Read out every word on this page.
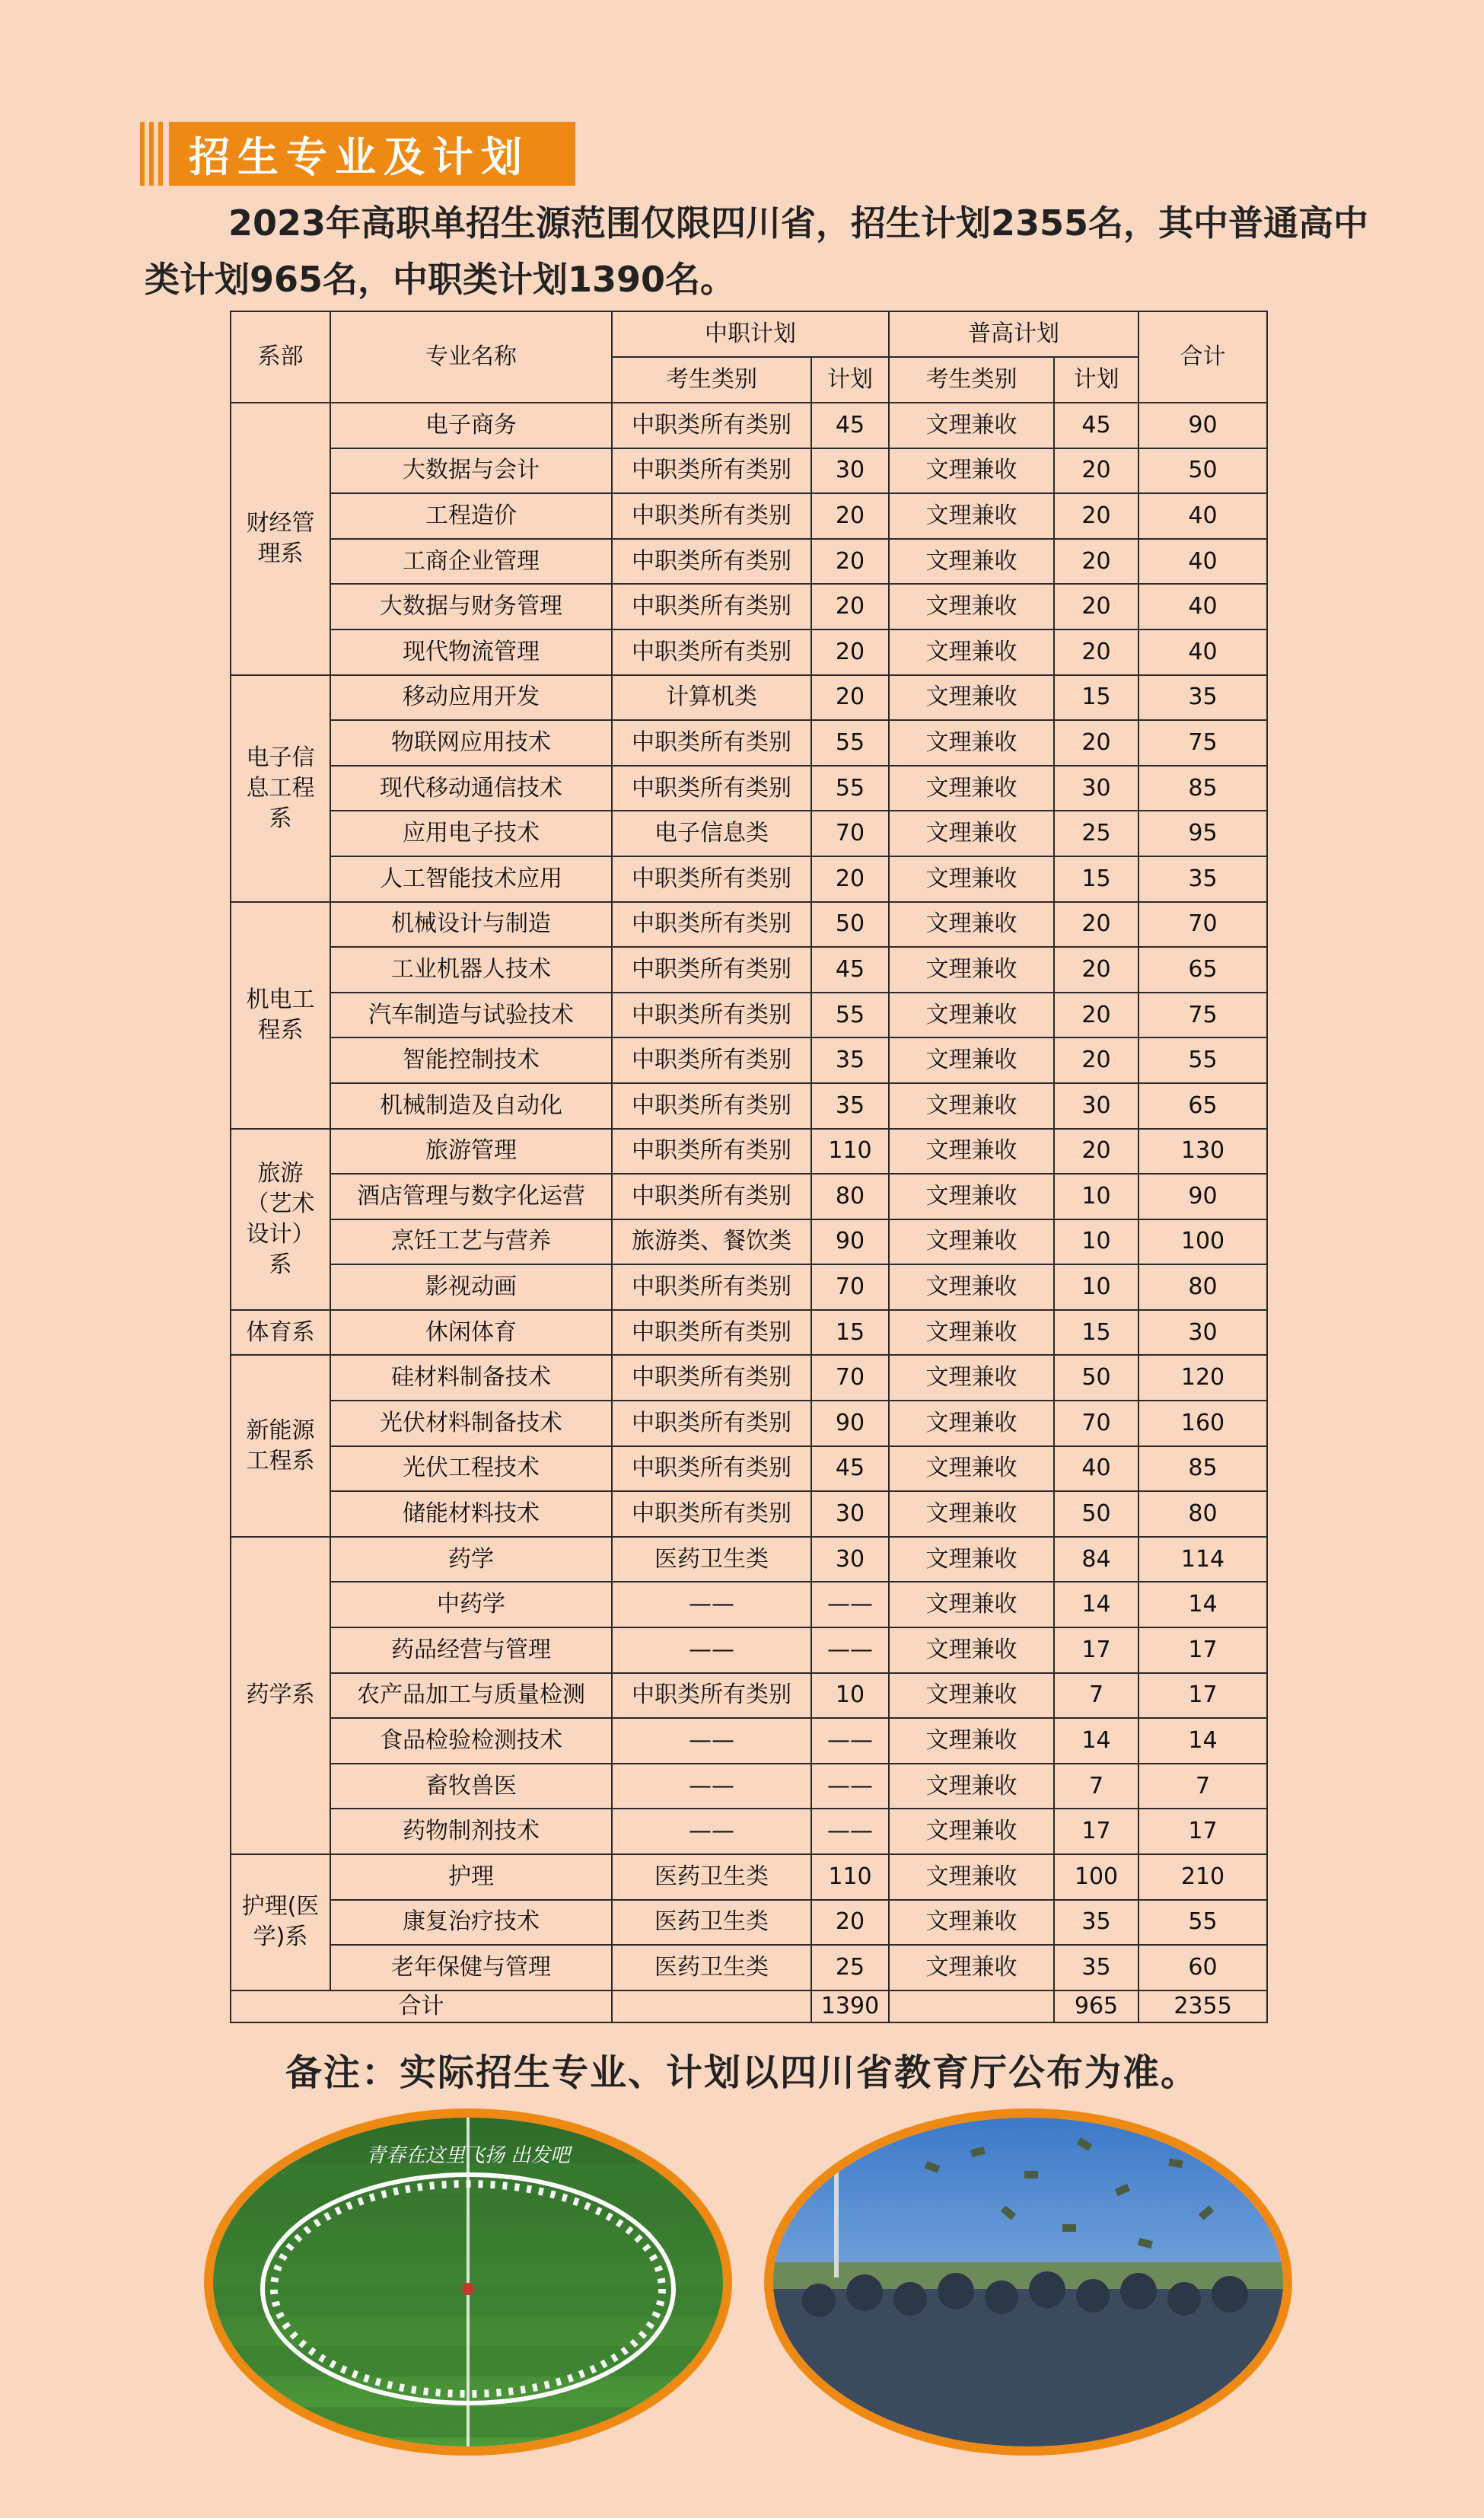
招生专业及计划

2023年高职单招生源范围仅限四川省，招生计划2355名，其中普通高中类计划965名，中职类计划1390名。

系部	专业名称	中职计划		普高计划		合计
		考生类别	计划	考生类别	计划	
财经管理系	电子商务	中职类所有类别	45	文理兼收	45	90
	大数据与会计	中职类所有类别	30	文理兼收	20	50
	工程造价	中职类所有类别	20	文理兼收	20	40
	工商企业管理	中职类所有类别	20	文理兼收	20	40
	大数据与财务管理	中职类所有类别	20	文理兼收	20	40
	现代物流管理	中职类所有类别	20	文理兼收	20	40
电子信息工程系	移动应用开发	计算机类	20	文理兼收	15	35
	物联网应用技术	中职类所有类别	55	文理兼收	20	75
	现代移动通信技术	中职类所有类别	55	文理兼收	30	85
	应用电子技术	电子信息类	70	文理兼收	25	95
	人工智能技术应用	中职类所有类别	20	文理兼收	15	35
机电工程系	机械设计与制造	中职类所有类别	50	文理兼收	20	70
	工业机器人技术	中职类所有类别	45	文理兼收	20	65
	汽车制造与试验技术	中职类所有类别	55	文理兼收	20	75
	智能控制技术	中职类所有类别	35	文理兼收	20	55
	机械制造及自动化	中职类所有类别	35	文理兼收	30	65
旅游（艺术设计）系	旅游管理	中职类所有类别	110	文理兼收	20	130
	酒店管理与数字化运营	中职类所有类别	80	文理兼收	10	90
	烹饪工艺与营养	旅游类、餐饮类	90	文理兼收	10	100
	影视动画	中职类所有类别	70	文理兼收	10	80
体育系	休闲体育	中职类所有类别	15	文理兼收	15	30
新能源工程系	硅材料制备技术	中职类所有类别	70	文理兼收	50	120
	光伏材料制备技术	中职类所有类别	90	文理兼收	70	160
	光伏工程技术	中职类所有类别	45	文理兼收	40	85
	储能材料技术	中职类所有类别	30	文理兼收	50	80
药学系	药学	医药卫生类	30	文理兼收	84	114
	中药学	——	——	文理兼收	14	14
	药品经营与管理	——	——	文理兼收	17	17
	农产品加工与质量检测	中职类所有类别	10	文理兼收	7	17
	食品检验检测技术	——	——	文理兼收	14	14
	畜牧兽医	——	——	文理兼收	7	7
	药物制剂技术	——	——	文理兼收	17	17
护理(医学)系	护理	医药卫生类	110	文理兼收	100	210
	康复治疗技术	医药卫生类	20	文理兼收	35	55
	老年保健与管理	医药卫生类	25	文理兼收	35	60
合计			1390		965	2355
备注：实际招生专业、计划以四川省教育厅公布为准。
青春在这里飞扬 出发吧
